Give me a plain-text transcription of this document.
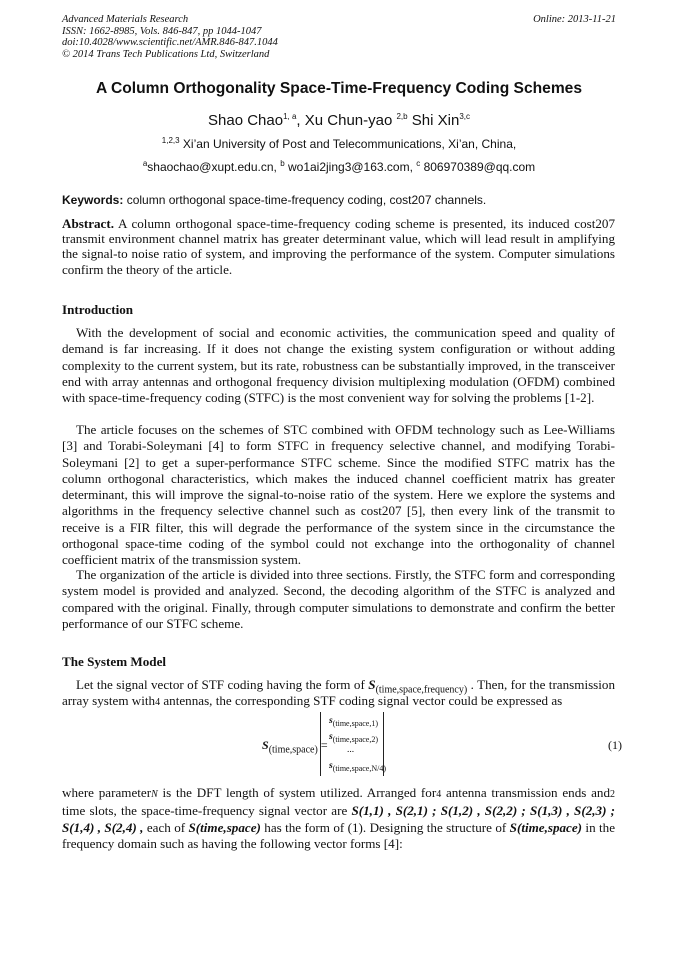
Advanced Materials Research
ISSN: 1662-8985, Vols. 846-847, pp 1044-1047
doi:10.4028/www.scientific.net/AMR.846-847.1044
© 2014 Trans Tech Publications Ltd, Switzerland
Online: 2013-11-21
A Column Orthogonality Space-Time-Frequency Coding Schemes
Shao Chao$^{1, a}$, Xu Chun-yao $^{2,b}$ Shi Xin$^{3,c}$
$^{1,2,3}$ Xi’an University of Post and Telecommunications, Xi’an, China,
$^a$shaochao@xupt.edu.cn, $^b$ wo1ai2jing3@163.com, $^c$ 806970389@qq.com
Keywords: column orthogonal space-time-frequency coding, cost207 channels.
Abstract. A column orthogonal space-time-frequency coding scheme is presented, its induced cost207 transmit environment channel matrix has greater determinant value, which will lead result in amplifying the signal-to noise ratio of system, and improving the performance of the system. Computer simulations confirm the theory of the article.
Introduction
With the development of social and economic activities, the communication speed and quality of demand is far increasing. If it does not change the existing system configuration or without adding complexity to the current system, but its rate, robustness can be substantially improved, in the transceiver end with array antennas and orthogonal frequency division multiplexing modulation (OFDM) combined with space-time-frequency coding (STFC) is the most convenient way for solving the problems [1-2].
The article focuses on the schemes of STC combined with OFDM technology such as Lee-Williams [3] and Torabi-Soleymani [4] to form STFC in frequency selective channel, and modifying Torabi-Soleymani [2] to get a super-performance STFC scheme. Since the modified STFC matrix has the column orthogonal characteristics, which makes the induced channel coefficient matrix has greater determinant, this will improve the signal-to-noise ratio of the system. Here we explore the systems and algorithms in the frequency selective channel such as cost207 [5], then every link of the transmit to receive is a FIR filter, this will degrade the performance of the system since in the circumstance the orthogonal space-time coding of the symbol could not exchange into the orthogonality of channel coefficient matrix of the transmission system.
The organization of the article is divided into three sections. Firstly, the STFC form and corresponding system model is provided and analyzed. Second, the decoding algorithm of the STFC is analyzed and compared with the original. Finally, through computer simulations to demonstrate and confirm the better performance of our STFC scheme.
The System Model
Let the signal vector of STF coding having the form of $S_{(time,space,frequency)}$ . Then, for the transmission array system with4 antennas, the corresponding STF coding signal vector could be expressed as
$S_{(time,space)}$ =
$s_{(time,space,1)}$
$s_{(time,space,2)}$
...
$s_{(time,space,N/4)}$
(1)
where parameterN is the DFT length of system utilized. Arranged for4 antenna transmission ends and2 time slots, the space-time-frequency signal vector are S(1,1) , S(2,1) ; S(1,2) , S(2,2) ; S(1,3) , S(2,3) ; S(1,4) , S(2,4) , each of S(time,space) has the form of (1). Designing the structure of S(time,space) in the frequency domain such as having the following vector forms [4]:
